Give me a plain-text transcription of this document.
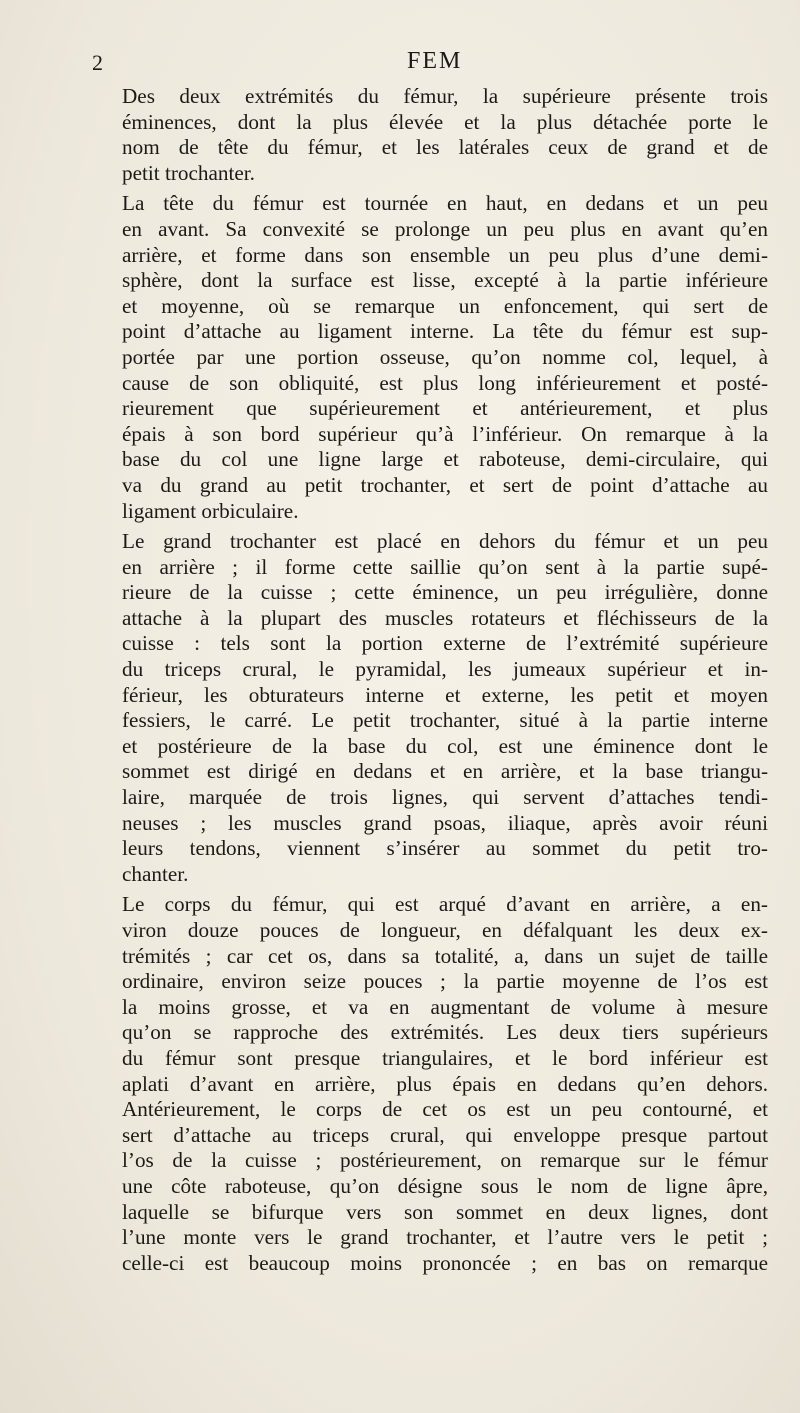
2	FEM
Des deux extrémités du fémur, la supérieure présente trois
éminences, dont la plus élevée et la plus détachée porte le
nom de tête du fémur, et les latérales ceux de grand et de
petit trochanter.
La tête du fémur est tournée en haut, en dedans et un peu
en avant. Sa convexité se prolonge un peu plus en avant qu’en
arrière, et forme dans son ensemble un peu plus d’une demi-
sphère, dont la surface est lisse, excepté à la partie inférieure
et moyenne, où se remarque un enfoncement, qui sert de
point d’attache au ligament interne. La tête du fémur est sup-
portée par une portion osseuse, qu’on nomme col, lequel, à
cause de son obliquité, est plus long inférieurement et posté-
rieurement que supérieurement et antérieurement, et plus
épais à son bord supérieur qu’à l’inférieur. On remarque à la
base du col une ligne large et raboteuse, demi-circulaire, qui
va du grand au petit trochanter, et sert de point d’attache au
ligament orbiculaire.
Le grand trochanter est placé en dehors du fémur et un peu
en arrière ; il forme cette saillie qu’on sent à la partie supé-
rieure de la cuisse ; cette éminence, un peu irrégulière, donne
attache à la plupart des muscles rotateurs et fléchisseurs de la
cuisse : tels sont la portion externe de l’extrémité supérieure
du triceps crural, le pyramidal, les jumeaux supérieur et in-
férieur, les obturateurs interne et externe, les petit et moyen
fessiers, le carré. Le petit trochanter, situé à la partie interne
et postérieure de la base du col, est une éminence dont le
sommet est dirigé en dedans et en arrière, et la base triangu-
laire, marquée de trois lignes, qui servent d’attaches tendi-
neuses ; les muscles grand psoas, iliaque, après avoir réuni
leurs tendons, viennent s’insérer au sommet du petit tro-
chanter.
Le corps du fémur, qui est arqué d’avant en arrière, a en-
viron douze pouces de longueur, en défalquant les deux ex-
trémités ; car cet os, dans sa totalité, a, dans un sujet de taille
ordinaire, environ seize pouces ; la partie moyenne de l’os est
la moins grosse, et va en augmentant de volume à mesure
qu’on se rapproche des extrémités. Les deux tiers supérieurs
du fémur sont presque triangulaires, et le bord inférieur est
aplati d’avant en arrière, plus épais en dedans qu’en dehors.
Antérieurement, le corps de cet os est un peu contourné, et
sert d’attache au triceps crural, qui enveloppe presque partout
l’os de la cuisse ; postérieurement, on remarque sur le fémur
une côte raboteuse, qu’on désigne sous le nom de ligne âpre,
laquelle se bifurque vers son sommet en deux lignes, dont
l’une monte vers le grand trochanter, et l’autre vers le petit ;
celle-ci est beaucoup moins prononcée ; en bas on remarque
